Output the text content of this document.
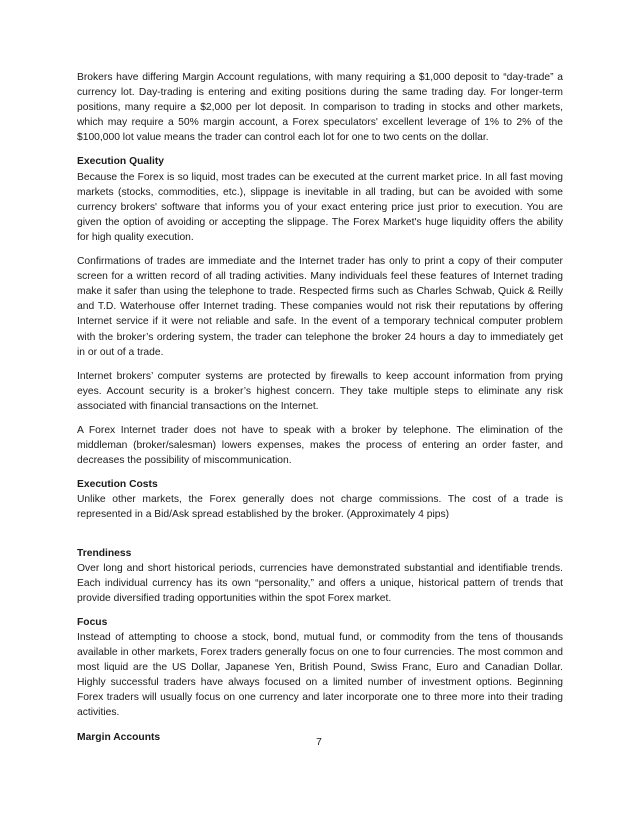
Brokers have differing Margin Account regulations, with many requiring a $1,000 deposit to “day-trade” a currency lot. Day-trading is entering and exiting positions during the same trading day. For longer-term positions, many require a $2,000 per lot deposit. In comparison to trading in stocks and other markets, which may require a 50% margin account, a Forex speculators' excellent leverage of 1% to 2% of the $100,000 lot value means the trader can control each lot for one to two cents on the dollar.

Execution Quality

Because the Forex is so liquid, most trades can be executed at the current market price. In all fast moving markets (stocks, commodities, etc.), slippage is inevitable in all trading, but can be avoided with some currency brokers' software that informs you of your exact entering price just prior to execution. You are given the option of avoiding or accepting the slippage. The Forex Market's huge liquidity offers the ability for high quality execution.

Confirmations of trades are immediate and the Internet trader has only to print a copy of their computer screen for a written record of all trading activities. Many individuals feel these features of Internet trading make it safer than using the telephone to trade. Respected firms such as Charles Schwab, Quick & Reilly and T.D. Waterhouse offer Internet trading. These companies would not risk their reputations by offering Internet service if it were not reliable and safe. In the event of a temporary technical computer problem with the broker’s ordering system, the trader can telephone the broker 24 hours a day to immediately get in or out of a trade.

Internet brokers’ computer systems are protected by firewalls to keep account information from prying eyes. Account security is a broker’s highest concern. They take multiple steps to eliminate any risk associated with financial transactions on the Internet.

A Forex Internet trader does not have to speak with a broker by telephone. The elimination of the middleman (broker/salesman) lowers expenses, makes the process of entering an order faster, and decreases the possibility of miscommunication.

Execution Costs

Unlike other markets, the Forex generally does not charge commissions. The cost of a trade is represented in a Bid/Ask spread established by the broker. (Approximately 4 pips)

Trendiness

Over long and short historical periods, currencies have demonstrated substantial and identifiable trends. Each individual currency has its own “personality,” and offers a unique, historical pattern of trends that provide diversified trading opportunities within the spot Forex market.

Focus

Instead of attempting to choose a stock, bond, mutual fund, or commodity from the tens of thousands available in other markets, Forex traders generally focus on one to four currencies. The most common and most liquid are the US Dollar, Japanese Yen, British Pound, Swiss Franc, Euro and Canadian Dollar. Highly successful traders have always focused on a limited number of investment options. Beginning Forex traders will usually focus on one currency and later incorporate one to three more into their trading activities.

Margin Accounts	7
